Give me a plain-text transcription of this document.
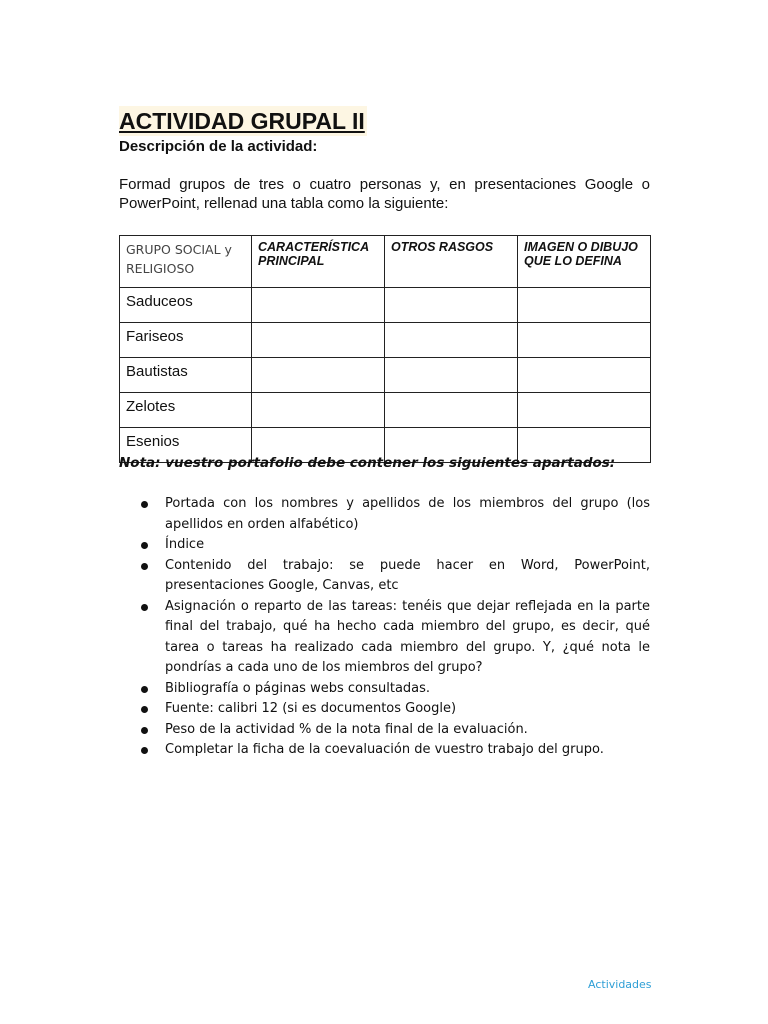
ACTIVIDAD GRUPAL II
Descripción de la actividad:
Formad grupos de tres o cuatro personas y, en presentaciones Google o PowerPoint, rellenad una tabla como la siguiente:
GRUPO SOCIAL y RELIGIOSO	CARACTERÍSTICA PRINCIPAL	OTROS RASGOS	IMAGEN O DIBUJO QUE LO DEFINA
Saduceos			
Fariseos			
Bautistas			
Zelotes			
Esenios			
Nota: vuestro portafolio debe contener los siguientes apartados:
Portada con los nombres y apellidos de los miembros del grupo (los apellidos en orden alfabético)
Índice
Contenido del trabajo: se puede hacer en Word, PowerPoint, presentaciones Google, Canvas, etc
Asignación o reparto de las tareas: tenéis que dejar reflejada en la parte final del trabajo, qué ha hecho cada miembro del grupo, es decir, qué tarea o tareas ha realizado cada miembro del grupo. Y, ¿qué nota le pondrías a cada uno de los miembros del grupo?
Bibliografía o páginas webs consultadas.
Fuente: calibri 12 (si es documentos Google)
Peso de la actividad % de la nota final de la evaluación.
Completar la ficha de la coevaluación de vuestro trabajo del grupo.
Actividades
